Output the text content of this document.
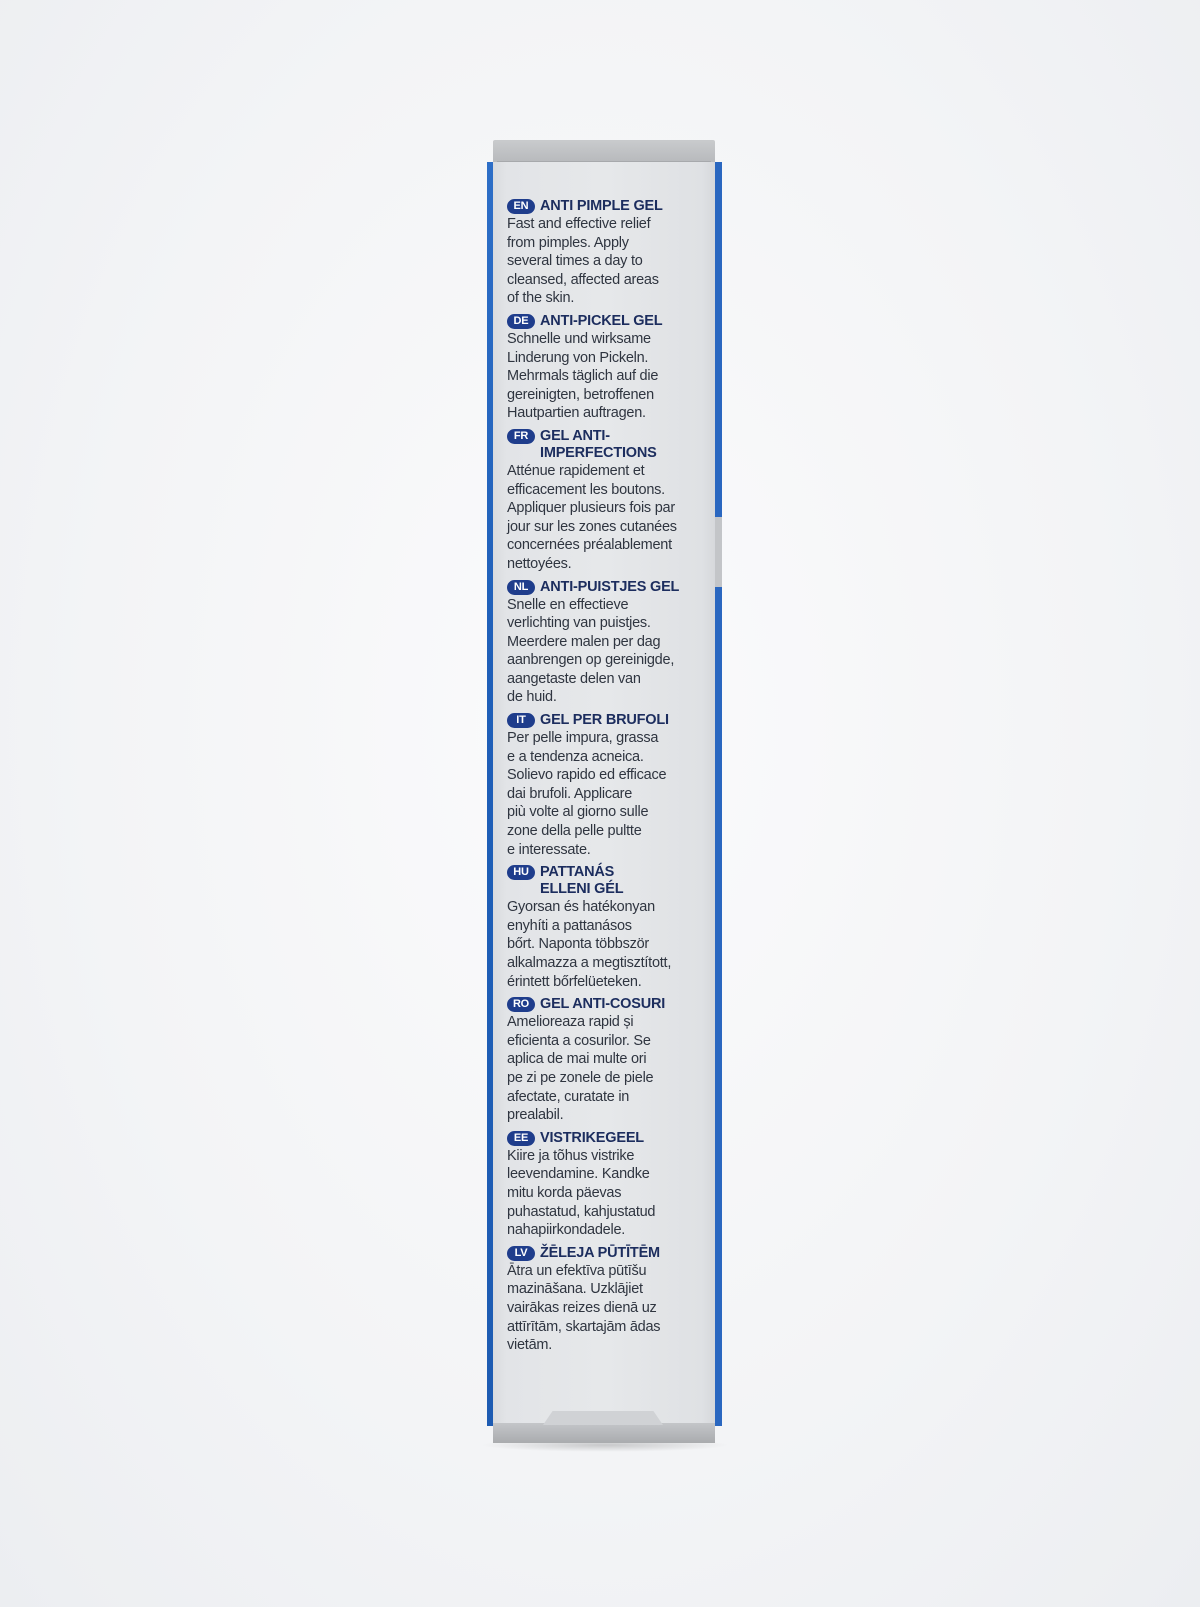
EN ANTI PIMPLE GEL
Fast and effective relief
from pimples. Apply
several times a day to
cleansed, affected areas
of the skin.
DE ANTI-PICKEL GEL
Schnelle und wirksame
Linderung von Pickeln.
Mehrmals täglich auf die
gereinigten, betroffenen
Hautpartien auftragen.
FR GEL ANTI-
IMPERFECTIONS
Atténue rapidement et
efficacement les boutons.
Appliquer plusieurs fois par
jour sur les zones cutanées
concernées préalablement
nettoyées.
NL ANTI-PUISTJES GEL
Snelle en effectieve
verlichting van puistjes.
Meerdere malen per dag
aanbrengen op gereinigde,
aangetaste delen van
de huid.
IT GEL PER BRUFOLI
Per pelle impura, grassa
e a tendenza acneica.
Solievo rapido ed efficace
dai brufoli. Applicare
più volte al giorno sulle
zone della pelle pultte
e interessate.
HU PATTANÁS
ELLENI GÉL
Gyorsan és hatékonyan
enyhíti a pattanásos
bőrt. Naponta többször
alkalmazza a megtisztított,
érintett bőrfelüeteken.
RO GEL ANTI-COSURI
Amelioreaza rapid și
eficienta a cosurilor. Se
aplica de mai multe ori
pe zi pe zonele de piele
afectate, curatate in
prealabil.
EE VISTRIKEGEEL
Kiire ja tõhus vistrike
leevendamine. Kandke
mitu korda päevas
puhastatud, kahjustatud
nahapiirkondadele.
LV ŽĒLEJA PŪTĪTĒM
Ātra un efektīva pūtīšu
mazināšana. Uzklājiet
vairākas reizes dienā uz
attīrītām, skartajām ādas
vietām.
